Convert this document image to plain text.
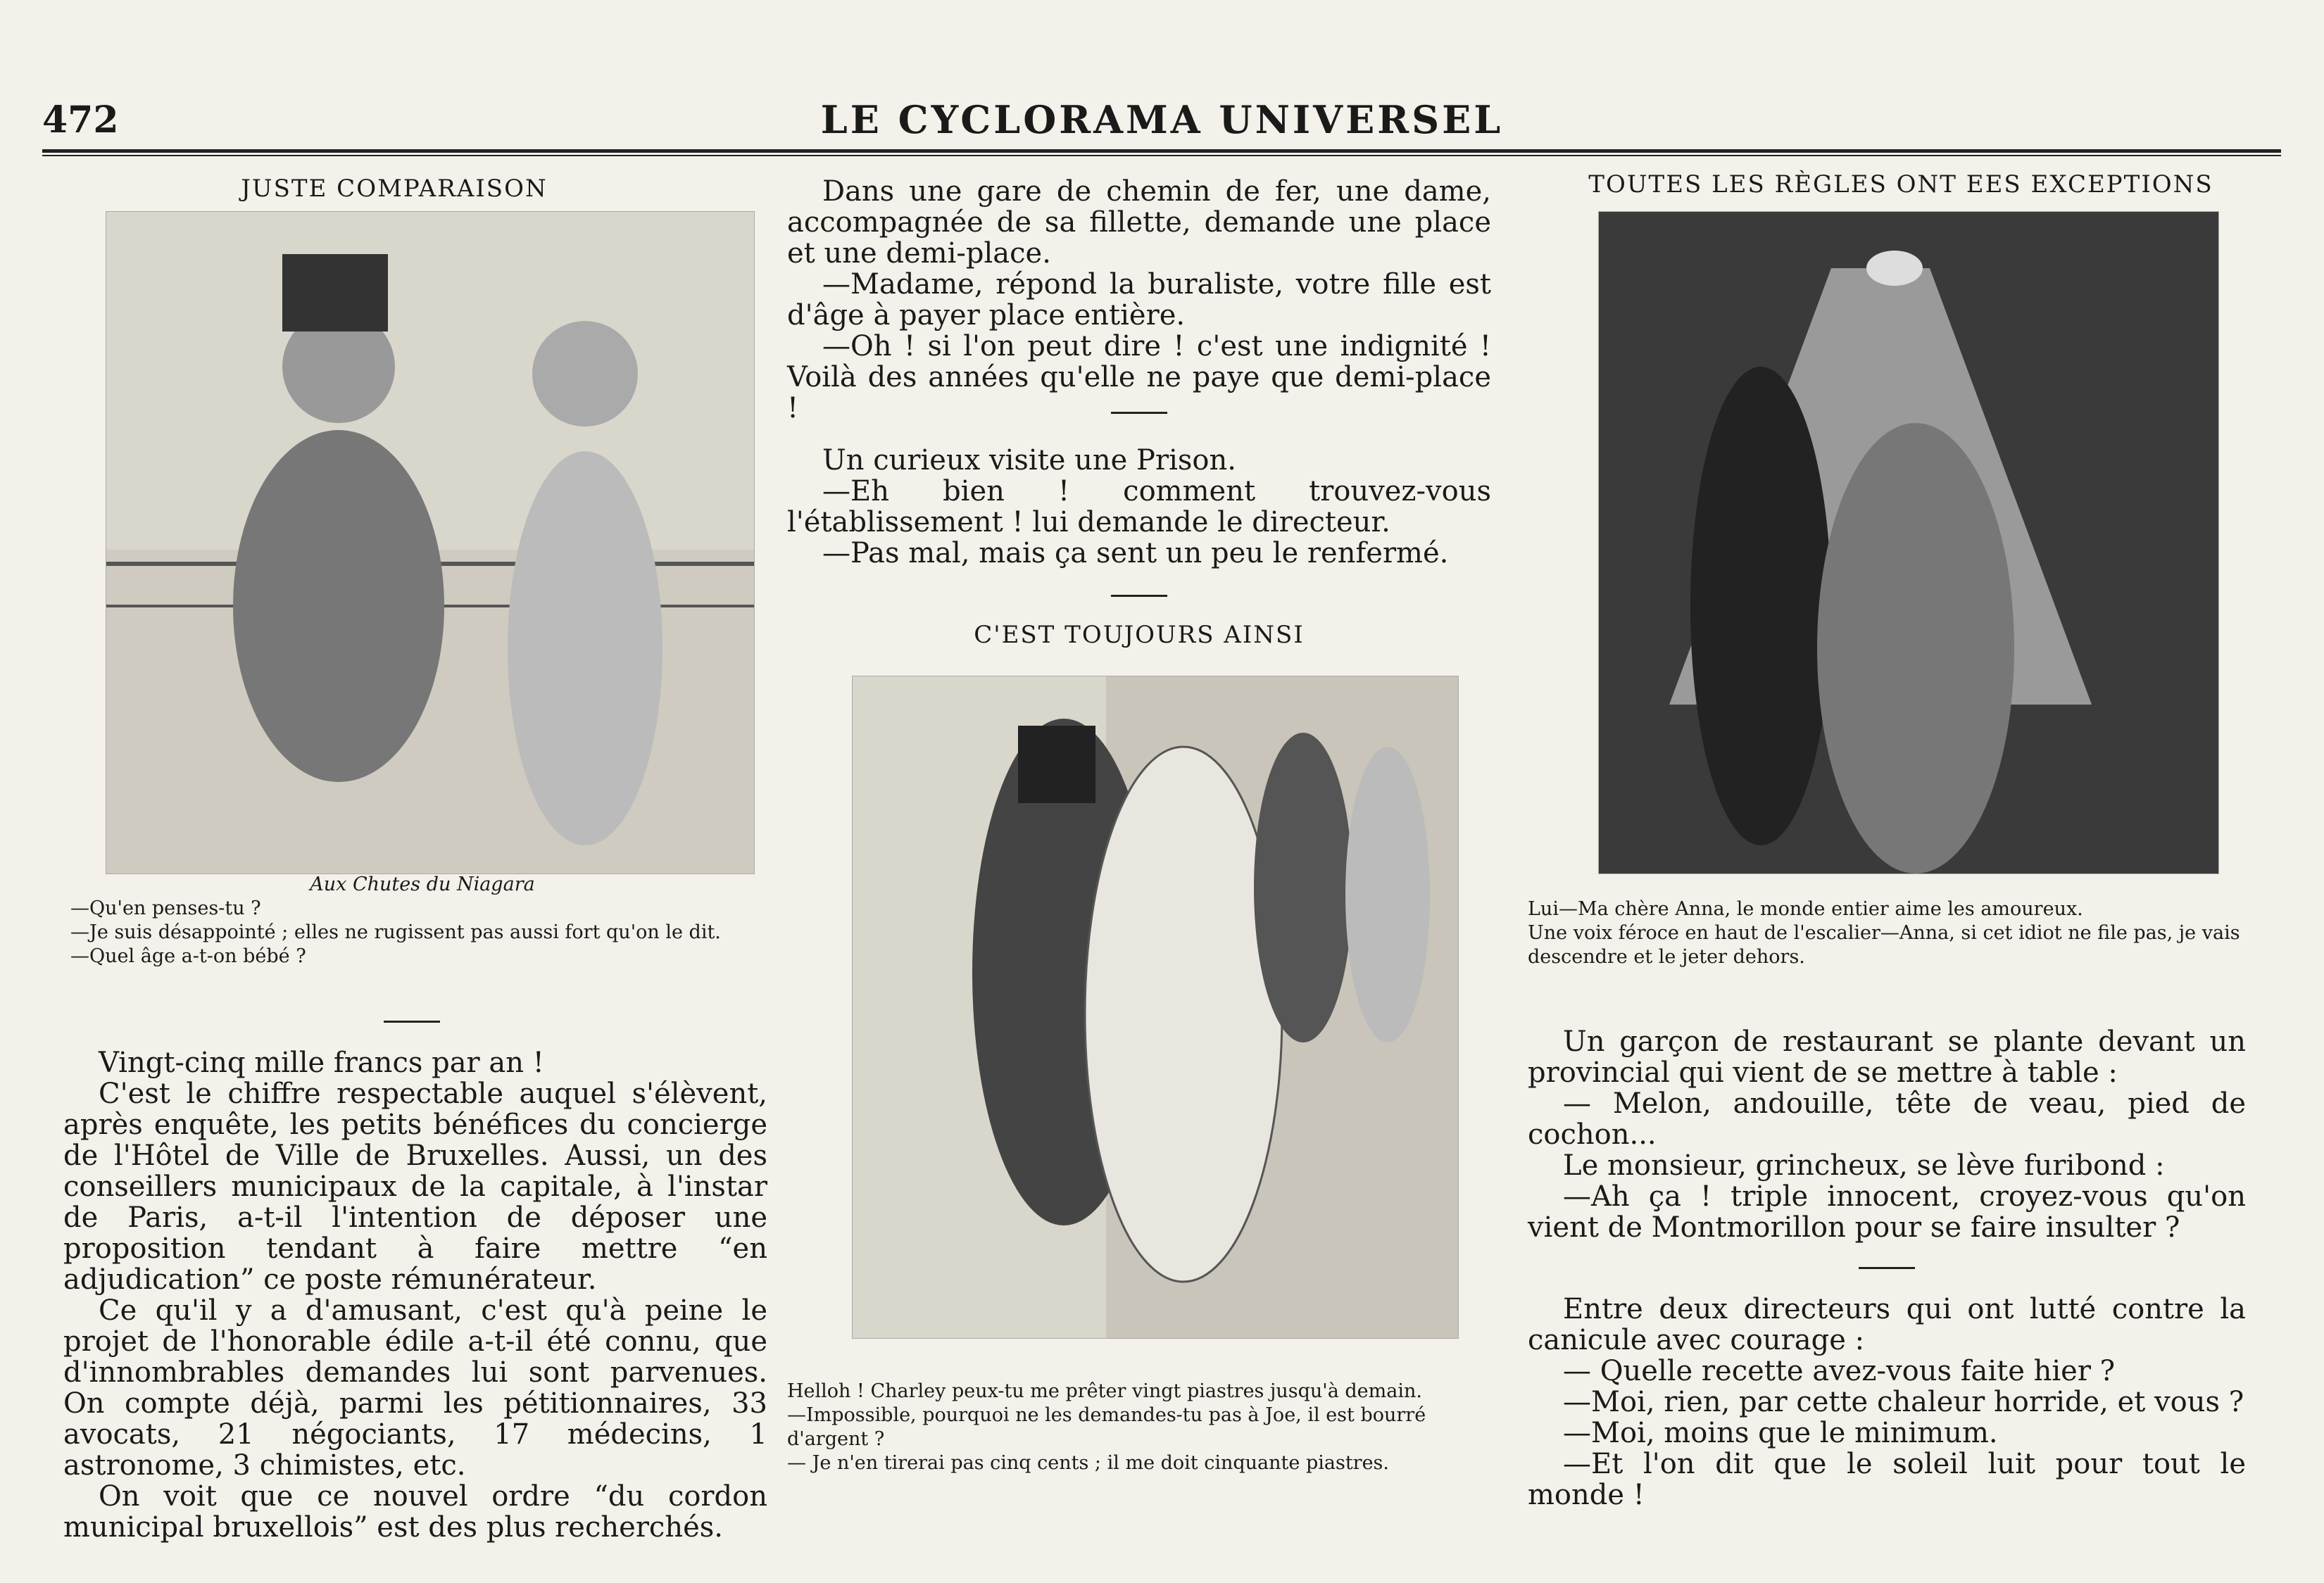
472	LE CYCLORAMA UNIVERSEL
JUSTE COMPARAISON

Aux Chutes du Niagara

—Qu'en penses-tu ?

—Je suis désappointé ; elles ne rugissent pas aussi fort qu'on le dit.

—Quel âge a-t-on bébé ?

Vingt-cinq mille francs par an !

C'est le chiffre respectable auquel s'élèvent, après enquête, les petits bénéfices du concierge de l'Hôtel de Ville de Bruxelles. Aussi, un des conseillers municipaux de la capitale, à l'instar de Paris, a-t-il l'intention de déposer une proposition tendant à faire mettre “en adjudication” ce poste rémunérateur.

Ce qu'il y a d'amusant, c'est qu'à peine le projet de l'honorable édile a-t-il été connu, que d'innombrables demandes lui sont parvenues. On compte déjà, parmi les pétitionnaires, 33 avocats, 21 négociants, 17 médecins, 1 astronome, 3 chimistes, etc.

On voit que ce nouvel ordre “du cordon municipal bruxellois” est des plus recherchés.

Dans une gare de chemin de fer, une dame, accompagnée de sa fillette, demande une place et une demi-place.

—Madame, répond la buraliste, votre fille est d'âge à payer place entière.

—Oh ! si l'on peut dire ! c'est une indignité ! Voilà des années qu'elle ne paye que demi-place !

Un curieux visite une Prison.

—Eh bien ! comment trouvez-vous l'établissement ! lui demande le directeur.

—Pas mal, mais ça sent un peu le renfermé.

C'EST TOUJOURS AINSI

Helloh ! Charley peux-tu me prêter vingt piastres jusqu'à demain.

—Impossible, pourquoi ne les demandes-tu pas à Joe, il est bourré d'argent ?

— Je n'en tirerai pas cinq cents ; il me doit cinquante piastres.

TOUTES LES RÈGLES ONT EES EXCEPTIONS

Lui—Ma chère Anna, le monde entier aime les amoureux.

Une voix féroce en haut de l'escalier—Anna, si cet idiot ne file pas, je vais descendre et le jeter dehors.

Un garçon de restaurant se plante devant un provincial qui vient de se mettre à table :

— Melon, andouille, tête de veau, pied de cochon...

Le monsieur, grincheux, se lève furibond :

—Ah ça ! triple innocent, croyez-vous qu'on vient de Montmorillon pour se faire insulter ?

Entre deux directeurs qui ont lutté contre la canicule avec courage :

— Quelle recette avez-vous faite hier ?

—Moi, rien, par cette chaleur horride, et vous ?

—Moi, moins que le minimum.

—Et l'on dit que le soleil luit pour tout le monde !
